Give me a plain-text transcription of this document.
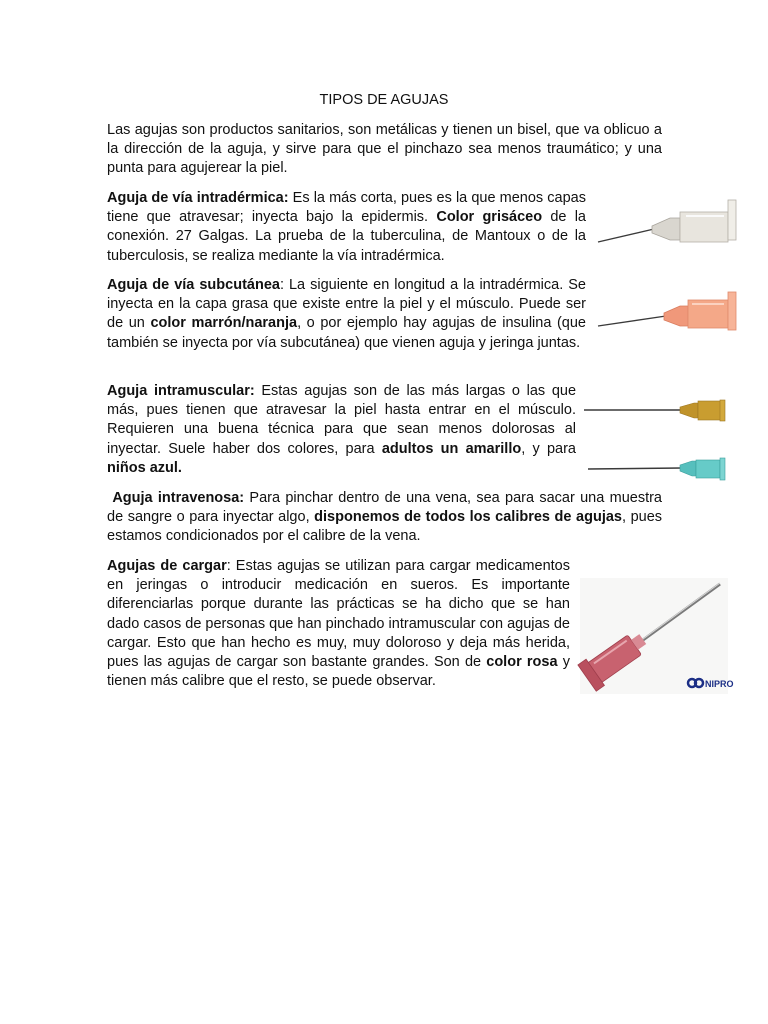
TIPOS DE AGUJAS

Las agujas son productos sanitarios, son metálicas y tienen un bisel, que va oblicuo a la dirección de la aguja, y sirve para que el pinchazo sea menos traumático; y una punta para agujerear la piel.

Aguja de vía intradérmica: Es la más corta, pues es la que menos capas tiene que atravesar; inyecta bajo la epidermis. Color grisáceo de la conexión. 27 Galgas. La prueba de la tuberculina, de Mantoux o de la tuberculosis, se realiza mediante la vía intradérmica.

Aguja de vía subcutánea: La siguiente en longitud a la intradérmica. Se inyecta en la capa grasa que existe entre la piel y el músculo. Puede ser de un color marrón/naranja, o por ejemplo hay agujas de insulina (que también se inyecta por vía subcutánea) que vienen aguja y jeringa juntas.

Aguja intramuscular: Estas agujas son de las más largas o las que más, pues tienen que atravesar la piel hasta entrar en el músculo. Requieren una buena técnica para que sean menos dolorosas al inyectar. Suele haber dos colores, para adultos un amarillo, y para niños azul.

Aguja intravenosa: Para pinchar dentro de una vena, sea para sacar una muestra de sangre o para inyectar algo, disponemos de todos los calibres de agujas, pues estamos condicionados por el calibre de la vena.

Agujas de cargar: Estas agujas se utilizan para cargar medicamentos en jeringas o introducir medicación en sueros. Es importante diferenciarlas porque durante las prácticas se ha dicho que se han dado casos de personas que han pinchado intramuscular con agujas de cargar. Esto que han hecho es muy, muy doloroso y deja más herida, pues las agujas de cargar son bastante grandes. Son de color rosa y tienen más calibre que el resto, se puede observar.	NIPRO
